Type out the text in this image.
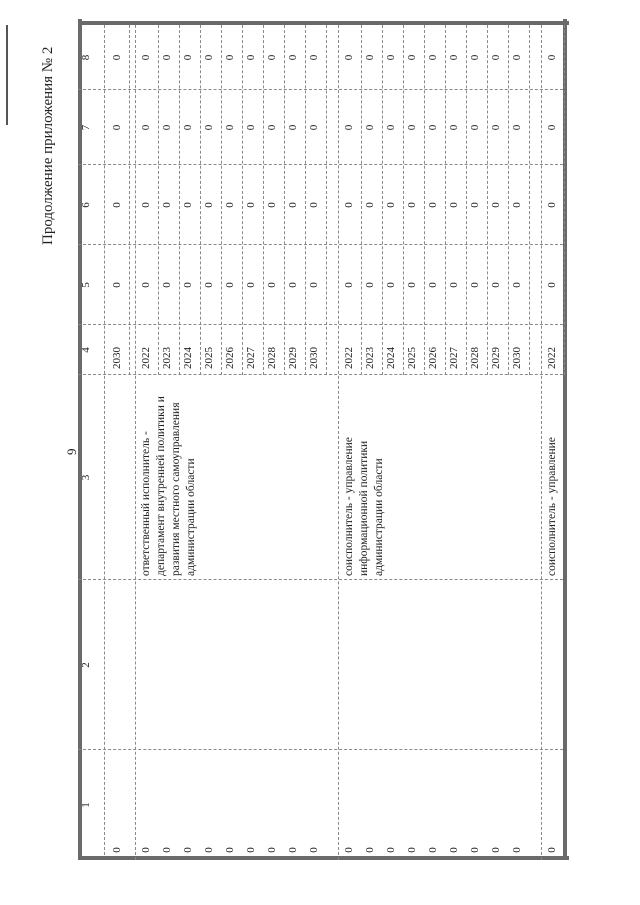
Продолжение приложения № 2
9
1
2
3
4
5
6
7
8
2030
0
0
0
0
0
ответственный исполнитель - департамент внутренней политики и развития местного самоуправления администрации области
2022
0
0
0
0
0
2023
0
0
0
0
0
2024
0
0
0
0
0
2025
0
0
0
0
0
2026
0
0
0
0
0
2027
0
0
0
0
0
2028
0
0
0
0
0
2029
0
0
0
0
0
2030
0
0
0
0
0
соисполнитель - управление информационной политики администрации области
2022
0
0
0
0
0
2023
0
0
0
0
0
2024
0
0
0
0
0
2025
0
0
0
0
0
2026
0
0
0
0
0
2027
0
0
0
0
0
2028
0
0
0
0
0
2029
0
0
0
0
0
2030
0
0
0
0
0
соисполнитель - управление
2022
0
0
0
0
0
